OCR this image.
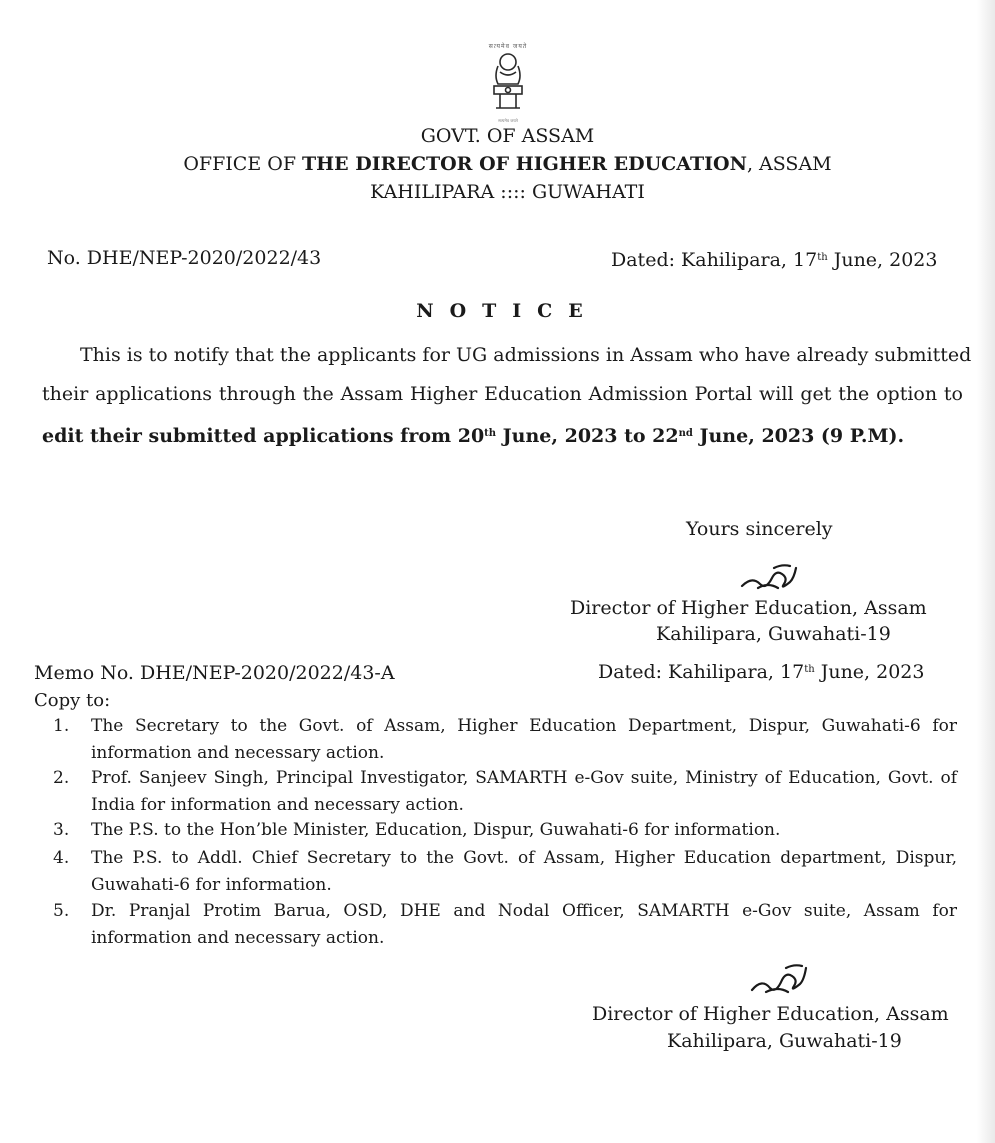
सत्यमेव जयते
सत्यमेव जयते
GOVT. OF ASSAM
OFFICE OF THE DIRECTOR OF HIGHER EDUCATION, ASSAM
KAHILIPARA :::: GUWAHATI
No. DHE/NEP-2020/2022/43	Dated: Kahilipara, 17th June, 2023
NOTICE
This is to notify that the applicants for UG admissions in Assam who have already submitted
their applications through the Assam Higher Education Admission Portal will get the option to
edit their submitted applications from 20th June, 2023 to 22nd June, 2023 (9 P.M).
Yours sincerely
Director of Higher Education, Assam
Kahilipara, Guwahati-19
Memo No. DHE/NEP-2020/2022/43-A	Dated: Kahilipara, 17th June, 2023
Copy to:
1.	The Secretary to the Govt. of Assam, Higher Education Department, Dispur, Guwahati-6 for
information and necessary action.
2.	Prof. Sanjeev Singh, Principal Investigator, SAMARTH e-Gov suite, Ministry of Education, Govt. of
India for information and necessary action.
3.	The P.S. to the Hon’ble Minister, Education, Dispur, Guwahati-6 for information.
4.	The P.S. to Addl. Chief Secretary to the Govt. of Assam, Higher Education department, Dispur,
Guwahati-6 for information.
5.	Dr. Pranjal Protim Barua, OSD, DHE and Nodal Officer, SAMARTH e-Gov suite, Assam for
information and necessary action.
Director of Higher Education, Assam
Kahilipara, Guwahati-19
